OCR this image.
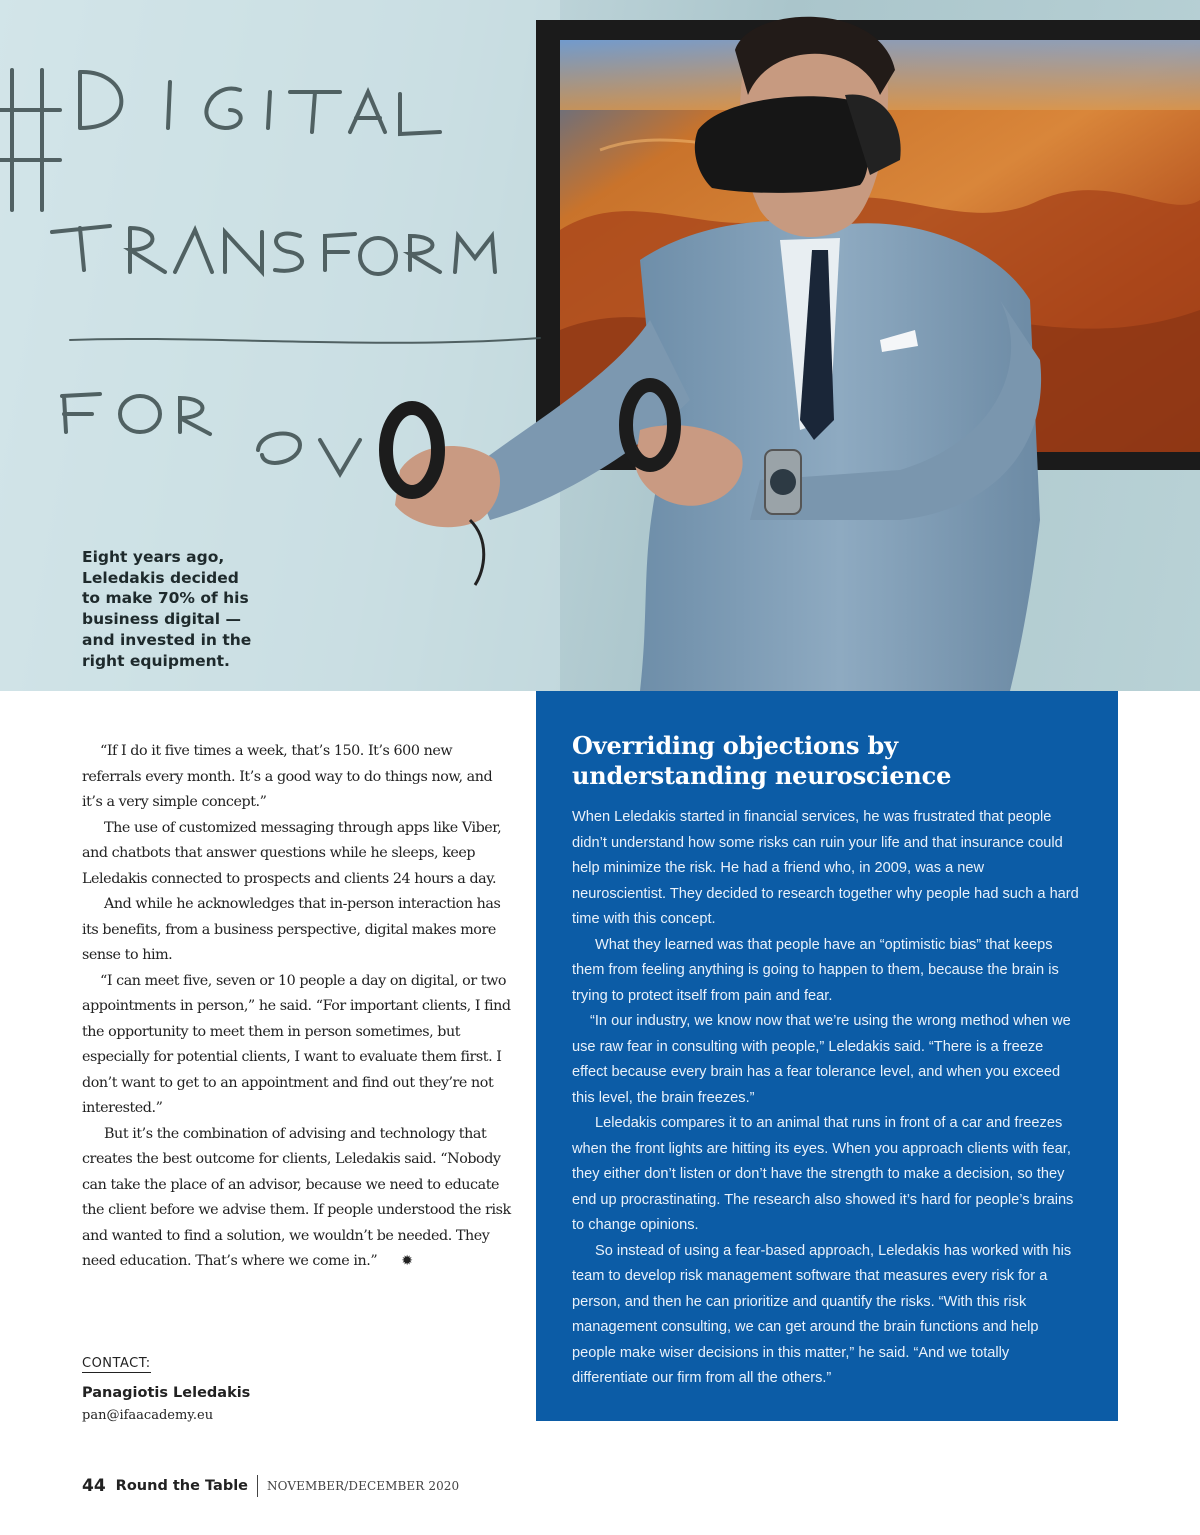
Eight years ago, Leledakis decided to make 70% of his business digital — and invested in the right equipment.

“If I do it five times a week, that’s 150. It’s 600 new referrals every month. It’s a good way to do things now, and it’s a very simple concept.”

The use of customized messaging through apps like Viber, and chatbots that answer questions while he sleeps, keep Leledakis connected to prospects and clients 24 hours a day.

And while he acknowledges that in-person interaction has its benefits, from a business perspective, digital makes more sense to him.

“I can meet five, seven or 10 people a day on digital, or two appointments in person,” he said. “For important clients, I find the opportunity to meet them in person sometimes, but especially for potential clients, I want to evaluate them first. I don’t want to get to an appointment and find out they’re not interested.”

But it’s the combination of advising and technology that creates the best outcome for clients, Leledakis said. “Nobody can take the place of an advisor, because we need to educate the client before we advise them. If people understood the risk and wanted to find a solution, we wouldn’t be needed. They need education. That’s where we come in.” ✹

CONTACT:
Panagiotis Leledakis
pan@ifaacademy.eu
Overriding objections by understanding neuroscience

When Leledakis started in financial services, he was frustrated that people didn’t understand how some risks can ruin your life and that insurance could help minimize the risk. He had a friend who, in 2009, was a new neuroscientist. They decided to research together why people had such a hard time with this concept.

What they learned was that people have an “optimistic bias” that keeps them from feeling anything is going to happen to them, because the brain is trying to protect itself from pain and fear.

“In our industry, we know now that we’re using the wrong method when we use raw fear in consulting with people,” Leledakis said. “There is a freeze effect because every brain has a fear tolerance level, and when you exceed this level, the brain freezes.”

Leledakis compares it to an animal that runs in front of a car and freezes when the front lights are hitting its eyes. When you approach clients with fear, they either don’t listen or don’t have the strength to make a decision, so they end up procrastinating. The research also showed it’s hard for people’s brains to change opinions.

So instead of using a fear-based approach, Leledakis has worked with his team to develop risk management software that measures every risk for a person, and then he can prioritize and quantify the risks. “With this risk management consulting, we can get around the brain functions and help people make wiser decisions in this matter,” he said. “And we totally differentiate our firm from all the others.”

44 Round the Table NOVEMBER/DECEMBER 2020
